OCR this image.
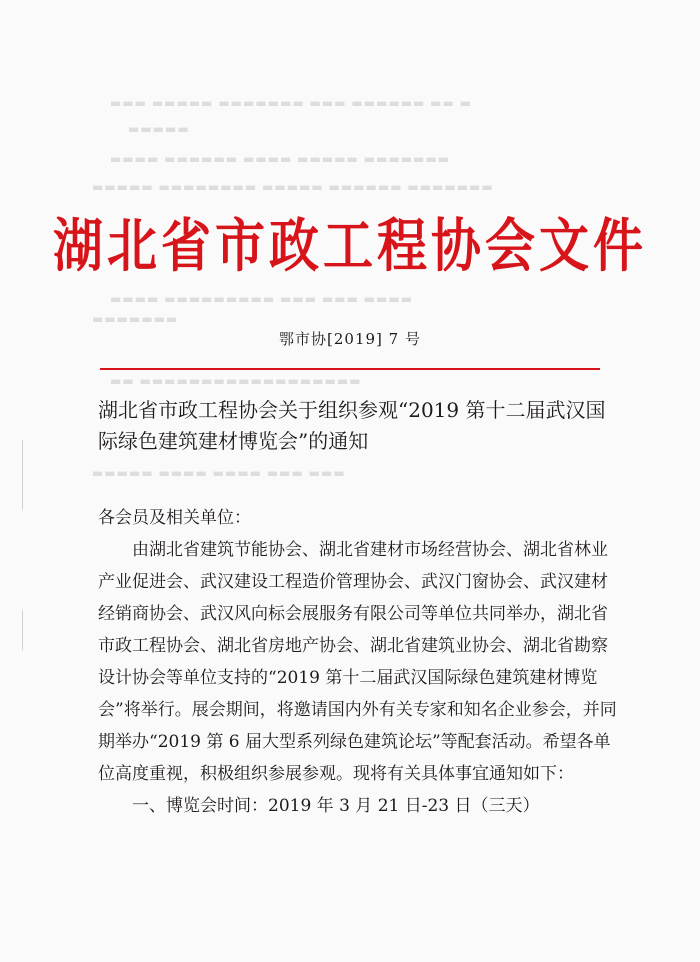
▬▬▬ ▬▬▬▬▬ ▬▬▬▬▬▬▬ ▬▬▬ ▬▬▬▬▬▬ ▬▬ ▬
▬▬▬▬▬
▬▬▬▬ ▬▬▬▬▬▬ ▬▬▬▬ ▬▬▬▬▬ ▬▬▬▬▬▬▬
▬▬▬▬▬ ▬▬▬▬▬▬▬▬ ▬▬▬▬▬ ▬▬▬▬▬▬ ▬▬▬▬▬▬▬
▬▬▬▬ ▬▬▬▬▬▬▬▬▬ ▬▬▬ ▬▬▬ ▬▬▬▬
▬▬▬▬▬▬▬
▬▬ ▬▬▬▬▬▬▬▬▬▬▬▬▬▬▬▬▬▬
▬▬▬▬▬ ▬▬▬▬ ▬▬▬▬ ▬▬▬ ▬▬▬
湖北省市政工程协会文件
鄂市协[2019] 7 号
湖北省市政工程协会关于组织参观“2019 第十二届武汉国际绿色建筑建材博览会”的通知

各会员及相关单位：

由湖北省建筑节能协会、湖北省建材市场经营协会、湖北省林业产业促进会、武汉建设工程造价管理协会、武汉门窗协会、武汉建材经销商协会、武汉风向标会展服务有限公司等单位共同举办，湖北省市政工程协会、湖北省房地产协会、湖北省建筑业协会、湖北省勘察设计协会等单位支持的“2019 第十二届武汉国际绿色建筑建材博览会”将举行。展会期间，将邀请国内外有关专家和知名企业参会，并同期举办“2019 第 6 届大型系列绿色建筑论坛”等配套活动。希望各单位高度重视，积极组织参展参观。现将有关具体事宜通知如下：

一、博览会时间：2019 年 3 月 21 日-23 日（三天）
